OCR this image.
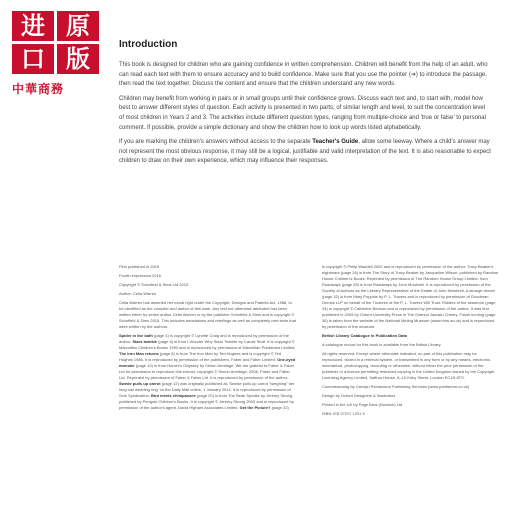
进 原
口 版
中華商務
Introduction

This book is designed for children who are gaining confidence in written comprehension. Children will benefit from the help of an adult, who can read each text with them to ensure accuracy and to build confidence. Make sure that you use the pointer (➔) to introduce the passage, then read the text together. Discuss the content and ensure that the children understand any new words.

Children may benefit from working in pairs or in small groups until their confidence grows. Discuss each text and, to start with, model how best to answer different styles of question. Each activity is presented in two parts, of similar length and level, to suit the concentration level of most children in Years 2 and 3. The activities include different question types, ranging from multiple-choice and 'true or false' to personal comment. If possible, provide a simple dictionary and show the children how to look up words listed alphabetically.

If you are marking the children's answers without access to the separate Teacher's Guide, allow some leeway. Where a child's answer may not represent the most obvious response, it may still be a logical, justifiable and valid interpretation of the text. It is also reasonable to expect children to draw on their own experience, which may influence their responses.

First published in 2015

Fourth impression 2016

Copyright © Schofield & Sims Ltd 2015

Author: Celia Warren

Celia Warren has asserted her moral right under the Copyright, Designs and Patents Act, 1988, to be identified as the compiler and author of this work. Any text not otherwise attributed has been written either by series author Celia Warren or by the publisher Schofield & Sims and is copyright © Schofield & Sims 2015. This includes translations and retellings as well as completely new texts that were written by the authors.

Spider in the bath (page 4) is copyright © Lynette Craig and is reproduced by permission of the author. Stars twinkle (page 6) is from I Wonder Why Stars Twinkle by Carole Stott. It is copyright © Macmillan Children's Books 1993 and is reproduced by permission of Macmillan Publishers Limited. The Iron Man returns (page 8) is from The Iron Man by Ted Hughes and is copyright © Ted Hughes 1986. It is reproduced by permission of the publishers, Faber and Faber Limited. One-eyed monster (page 10) is from Homer's Odyssey by Simon Armitage. We are grateful to Faber & Faber Ltd for permission to reproduce this extract, copyright © Simon Armitage, 2006, Faber and Faber Ltd. Reprinted by permission of Faber & Faber Ltd. It is reproduced by permission of the author. Swede pulls up carrot (page 12) was originally published as 'Swede pulls up carrot "weighing" her long lost wedding ring' on the Daily Mail online, 1 January 2012. It is reproduced by permission of Solo Syndication. Bird meets chimpanzee (page 20) is from The Beak Speaks by Jeremy Strong, published by Penguin Children's Books. It is copyright © Jeremy Strong 2003 and is reproduced by permission of the author's agent, David Higham Associates Limited. Get the Picture? (page 22)

is copyright © Philip Waddell 2002 and is reproduced by permission of the author. Tracy Beaker's nightmare (page 26) is from The Story of Tracy Beaker by Jacqueline Wilson, published by Random House Children's Books. Reprinted by permission of The Random House Group Limited. from Roadways (page 28) is from Roadways by John Mowbrell. It is reproduced by permission of the Society of Authors as the Literary Representative of the Estate of John Mowbrell. A strange dream (page 32) is from Mary Poppins by P. L. Travers and is reproduced by permission of Goodman Derrick LLP on behalf of the Trustees of the P. L. Travers Will Trust. Riddles of the seashore (page 34) is copyright © Catherine Benson and is reproduced by permission of the author. It was first published in 2005 by Oxford University Press in The Oxtinnd Jacusin Cheery. Fossil hunting (page 36) is taken from the website of the National Mining Museum (www.nhm.ac.uk) and is reproduced by permission of the museum.

British Library Catalogue in Publication Data

A catalogue record for this book is available from the British Library.

All rights reserved. Except where otherwise indicated, no part of this publication may be reproduced, stored in a retrieval system, or transmitted in any form or by any means, electronic, mechanical, photocopying, recording or otherwise, without either the prior permission of the publisher or a licence permitting restricted copying in the United Kingdom issued by the Copyright Licensing Agency Limited, Saffron House, 6–10 Kirby Street, London EC1N 8TS.

Commissioning by Carolyn Richardson Publishing Services (www.publiserve.co.uk)

Design by Oxford Designers & Illustrators

Printed in the UK by Page Bros (Norwich) Ltd

ISBN 978 07217 1231 5
